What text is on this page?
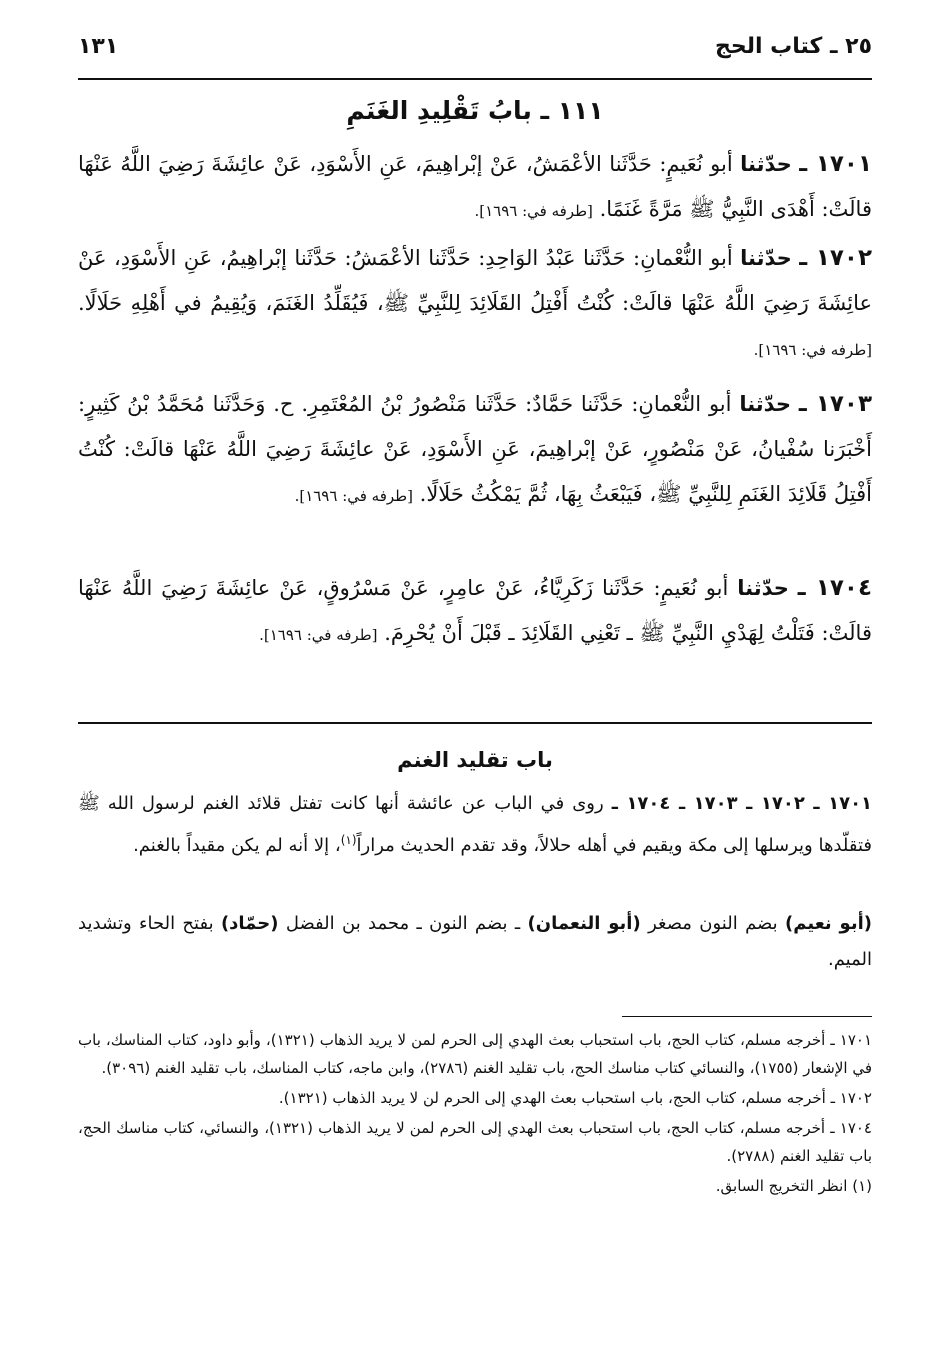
٢٥ ـ كتاب الحج
١٣١
١١١ ـ بابُ تَقْلِيدِ الغَنَمِ
١٧٠١ ـ حدّثنا أبو نُعَيمٍ: حَدَّثَنا الأعْمَشُ، عَنْ إبْراهِيمَ، عَنِ الأَسْوَدِ، عَنْ عائِشَةَ رَضِيَ اللَّهُ عَنْهَا قالَتْ: أَهْدَى النَّبِيُّ ﷺ مَرَّةً غَنَمًا. [طرفه في: ١٦٩٦].
١٧٠٢ ـ حدّثنا أبو النُّعْمانِ: حَدَّثَنا عَبْدُ الوَاحِدِ: حَدَّثَنا الأعْمَشُ: حَدَّثَنا إبْراهِيمُ، عَنِ الأَسْوَدِ، عَنْ عائِشَةَ رَضِيَ اللَّهُ عَنْهَا قالَتْ: كُنْتُ أَفْتِلُ القَلَائِدَ لِلنَّبِيِّ ﷺ، فَيُقَلِّدُ الغَنَمَ، وَيُقِيمُ في أَهْلِهِ حَلَالًا. [طرفه في: ١٦٩٦].
١٧٠٣ ـ حدّثنا أبو النُّعْمانِ: حَدَّثَنا حَمَّادٌ: حَدَّثَنا مَنْصُورُ بْنُ المُعْتَمِرِ. ح. وَحَدَّثَنا مُحَمَّدُ بْنُ كَثِيرٍ: أَخْبَرَنا سُفْيانُ، عَنْ مَنْصُورٍ، عَنْ إبْراهِيمَ، عَنِ الأَسْوَدِ، عَنْ عائِشَةَ رَضِيَ اللَّهُ عَنْهَا قالَتْ: كُنْتُ أَفْتِلُ قَلَائِدَ الغَنَمِ لِلنَّبِيِّ ﷺ، فَيَبْعَثُ بِهَا، ثُمَّ يَمْكُثُ حَلَالًا. [طرفه في: ١٦٩٦].
١٧٠٤ ـ حدّثنا أبو نُعَيمٍ: حَدَّثَنا زَكَرِيَّاءُ، عَنْ عامِرٍ، عَنْ مَسْرُوقٍ، عَنْ عائِشَةَ رَضِيَ اللَّهُ عَنْهَا قالَتْ: فَتَلْتُ لِهَدْيِ النَّبِيِّ ﷺ ـ تَعْنِي القَلَائِدَ ـ قَبْلَ أَنْ يُحْرِمَ. [طرفه في: ١٦٩٦].
باب تقليد الغنم
١٧٠١ ـ ١٧٠٢ ـ ١٧٠٣ ـ ١٧٠٤ ـ روى في الباب عن عائشة أنها كانت تفتل قلائد الغنم لرسول الله ﷺ فتقلّدها ويرسلها إلى مكة ويقيم في أهله حلالاً، وقد تقدم الحديث مراراً$^{(١)}$، إلا أنه لم يكن مقيداً بالغنم.
(أبو نعيم) بضم النون مصغر (أبو النعمان) ـ بضم النون ـ محمد بن الفضل (حمّاد) بفتح الحاء وتشديد الميم.

١٧٠١ ـ أخرجه مسلم، كتاب الحج، باب استحباب بعث الهدي إلى الحرم لمن لا يريد الذهاب (١٣٢١)، وأبو داود، كتاب المناسك، باب في الإشعار (١٧٥٥)، والنسائي كتاب مناسك الحج، باب تقليد الغنم (٢٧٨٦)، وابن ماجه، كتاب المناسك، باب تقليد الغنم (٣٠٩٦).

١٧٠٢ ـ أخرجه مسلم، كتاب الحج، باب استحباب بعث الهدي إلى الحرم لن لا يريد الذهاب (١٣٢١).

١٧٠٤ ـ أخرجه مسلم، كتاب الحج، باب استحباب بعث الهدي إلى الحرم لمن لا يريد الذهاب (١٣٢١)، والنسائي، كتاب مناسك الحج، باب تقليد الغنم (٢٧٨٨).

(١) انظر التخريج السابق.
